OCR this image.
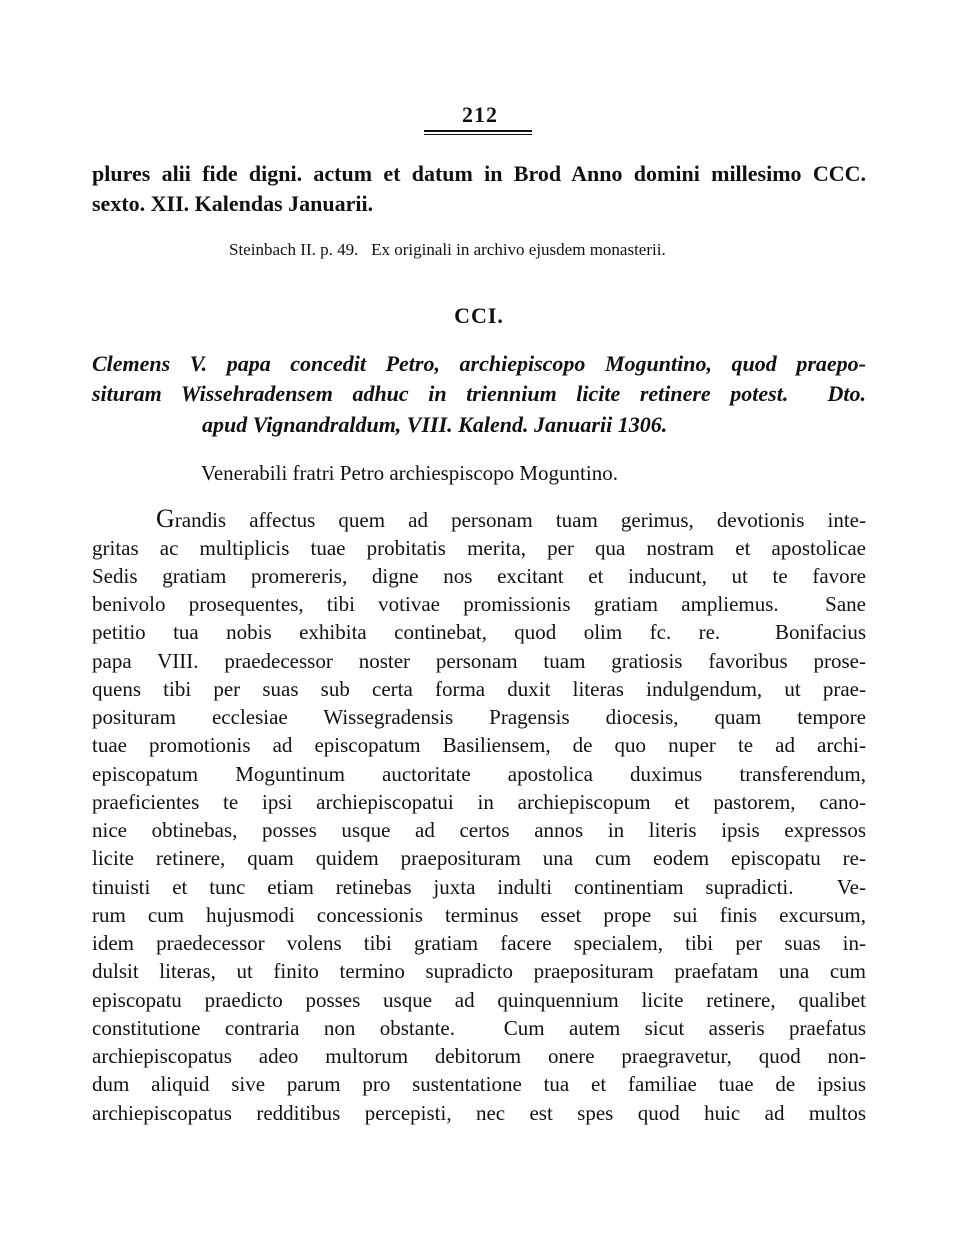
212
plures alii fide digni. actum et datum in Brod Anno domini millesimo CCC.
sexto. XII. Kalendas Januarii.
Steinbach II. p. 49.   Ex originali in archivo ejusdem monasterii.
CCI.
Clemens V. papa concedit Petro, archiepiscopo Moguntino, quod praepo-
situram Wissehradensem adhuc in triennium licite retinere potest.  Dto.
apud Vignandraldum, VIII. Kalend. Januarii 1306.
Venerabili fratri Petro archiespiscopo Moguntino.
Grandis affectus quem ad personam tuam gerimus, devotionis inte-
gritas ac multiplicis tuae probitatis merita, per qua nostram et apostolicae
Sedis gratiam promereris, digne nos excitant et inducunt, ut te favore
benivolo prosequentes, tibi votivae promissionis gratiam ampliemus.  Sane
petitio tua nobis exhibita continebat, quod olim fc. re.  Bonifacius
papa VIII. praedecessor noster personam tuam gratiosis favoribus prose-
quens tibi per suas sub certa forma duxit literas indulgendum, ut prae-
posituram ecclesiae Wissegradensis Pragensis diocesis, quam tempore
tuae promotionis ad episcopatum Basiliensem, de quo nuper te ad archi-
episcopatum Moguntinum auctoritate apostolica duximus transferendum,
praeficientes te ipsi archiepiscopatui in archiepiscopum et pastorem, cano-
nice obtinebas, posses usque ad certos annos in literis ipsis expressos
licite retinere, quam quidem praeposituram una cum eodem episcopatu re-
tinuisti et tunc etiam retinebas juxta indulti continentiam supradicti.  Ve-
rum cum hujusmodi concessionis terminus esset prope sui finis excursum,
idem praedecessor volens tibi gratiam facere specialem, tibi per suas in-
dulsit literas, ut finito termino supradicto praeposituram praefatam una cum
episcopatu praedicto posses usque ad quinquennium licite retinere, qualibet
constitutione contraria non obstante.  Cum autem sicut asseris praefatus
archiepiscopatus adeo multorum debitorum onere praegravetur, quod non-
dum aliquid sive parum pro sustentatione tua et familiae tuae de ipsius
archiepiscopatus redditibus percepisti, nec est spes quod huic ad multos
